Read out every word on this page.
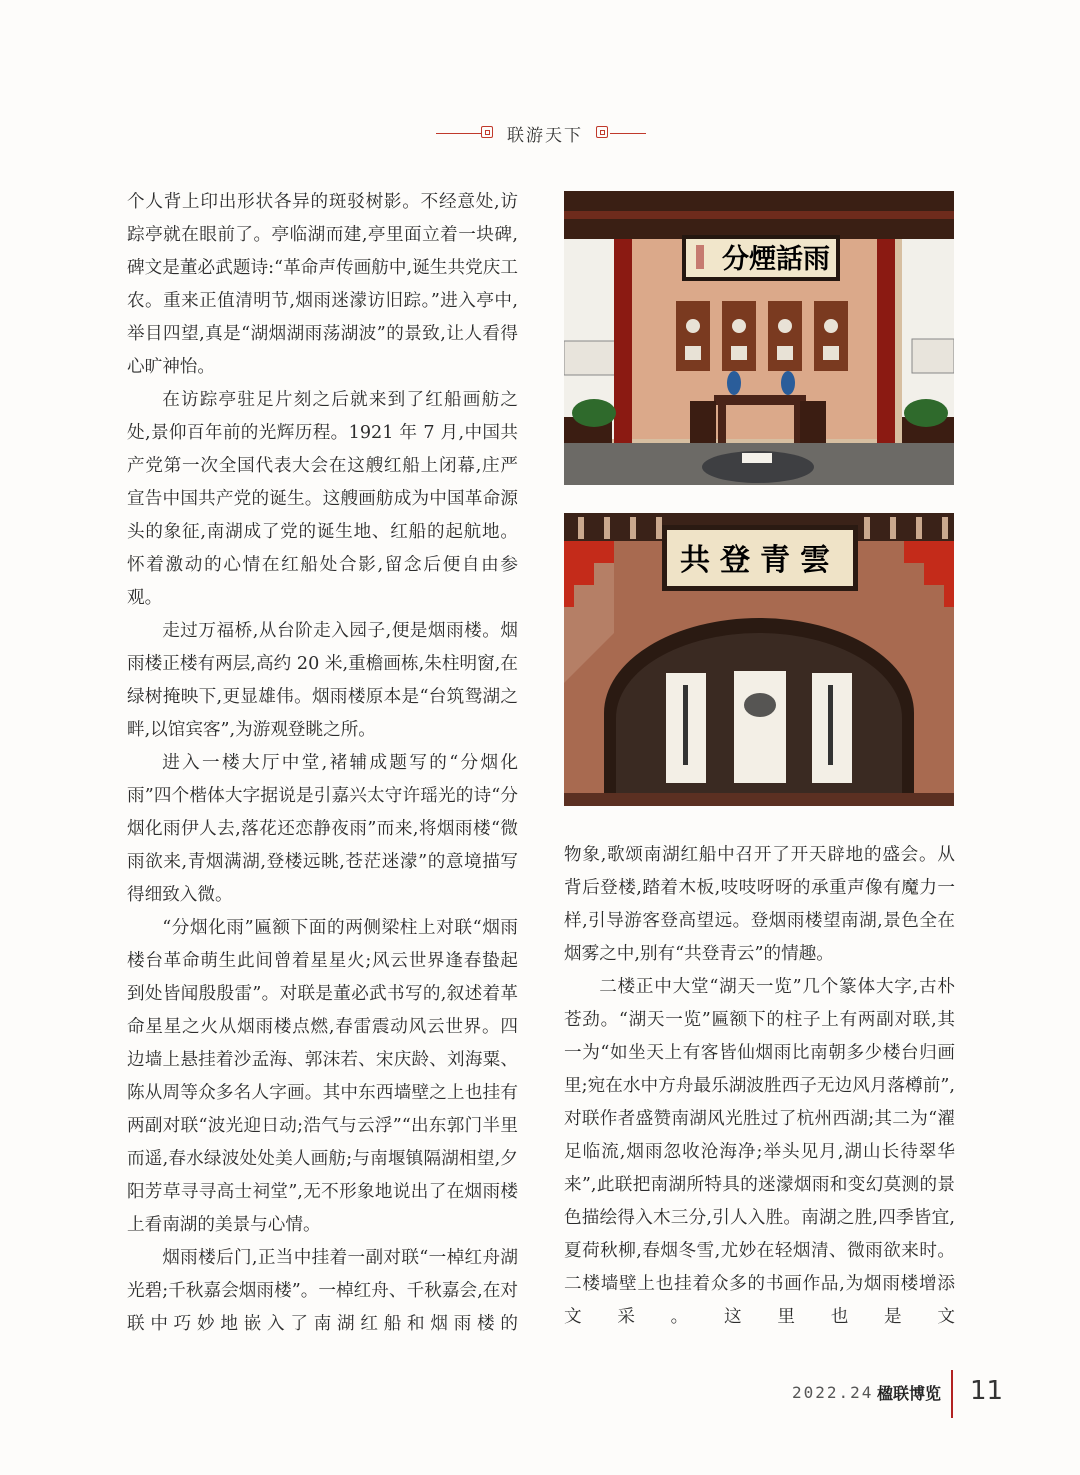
联游天下

个人背上印出形状各异的斑驳树影。不经意处,访踪亭就在眼前了。亭临湖而建,亭里面立着一块碑,碑文是董必武题诗:“革命声传画舫中,诞生共党庆工农。重来正值清明节,烟雨迷濛访旧踪。”进入亭中,举目四望,真是“湖烟湖雨荡湖波”的景致,让人看得心旷神怡。

在访踪亭驻足片刻之后就来到了红船画舫之处,景仰百年前的光辉历程。1921 年 7 月,中国共产党第一次全国代表大会在这艘红船上闭幕,庄严宣告中国共产党的诞生。这艘画舫成为中国革命源头的象征,南湖成了党的诞生地、红船的起航地。怀着激动的心情在红船处合影,留念后便自由参观。

走过万福桥,从台阶走入园子,便是烟雨楼。烟雨楼正楼有两层,高约 20 米,重檐画栋,朱柱明窗,在绿树掩映下,更显雄伟。烟雨楼原本是“台筑鸳湖之畔,以馆宾客”,为游观登眺之所。

进入一楼大厅中堂,褚辅成题写的“分烟化雨”四个楷体大字据说是引嘉兴太守许瑶光的诗“分烟化雨伊人去,落花还恋静夜雨”而来,将烟雨楼“微雨欲来,青烟满湖,登楼远眺,苍茫迷濛”的意境描写得细致入微。

“分烟化雨”匾额下面的两侧梁柱上对联“烟雨楼台革命萌生此间曾着星星火;风云世界逢春蛰起到处皆闻殷殷雷”。对联是董必武书写的,叙述着革命星星之火从烟雨楼点燃,春雷震动风云世界。四边墙上悬挂着沙孟海、郭沫若、宋庆龄、刘海粟、陈从周等众多名人字画。其中东西墙壁之上也挂有两副对联“波光迎日动;浩气与云浮”“出东郭门半里而遥,春水绿波处处美人画舫;与南堰镇隔湖相望,夕阳芳草寻寻高士祠堂”,无不形象地说出了在烟雨楼上看南湖的美景与心情。

烟雨楼后门,正当中挂着一副对联“一棹红舟湖光碧;千秋嘉会烟雨楼”。一棹红舟、千秋嘉会,在对联中巧妙地嵌入了南湖红船和烟雨楼的

分煙話雨
共登青雲

物象,歌颂南湖红船中召开了开天辟地的盛会。从背后登楼,踏着木板,吱吱呀呀的承重声像有魔力一样,引导游客登高望远。登烟雨楼望南湖,景色全在烟雾之中,别有“共登青云”的情趣。

二楼正中大堂“湖天一览”几个篆体大字,古朴苍劲。“湖天一览”匾额下的柱子上有两副对联,其一为“如坐天上有客皆仙烟雨比南朝多少楼台归画里;宛在水中方舟最乐湖波胜西子无边风月落樽前”,对联作者盛赞南湖风光胜过了杭州西湖;其二为“濯足临流,烟雨忽收沧海净;举头见月,湖山长待翠华来”,此联把南湖所特具的迷濛烟雨和变幻莫测的景色描绘得入木三分,引人入胜。南湖之胜,四季皆宜,夏荷秋柳,春烟冬雪,尤妙在轻烟清、微雨欲来时。二楼墙壁上也挂着众多的书画作品,为烟雨楼增添文采。这里也是文

2022.24 楹联博览 11
